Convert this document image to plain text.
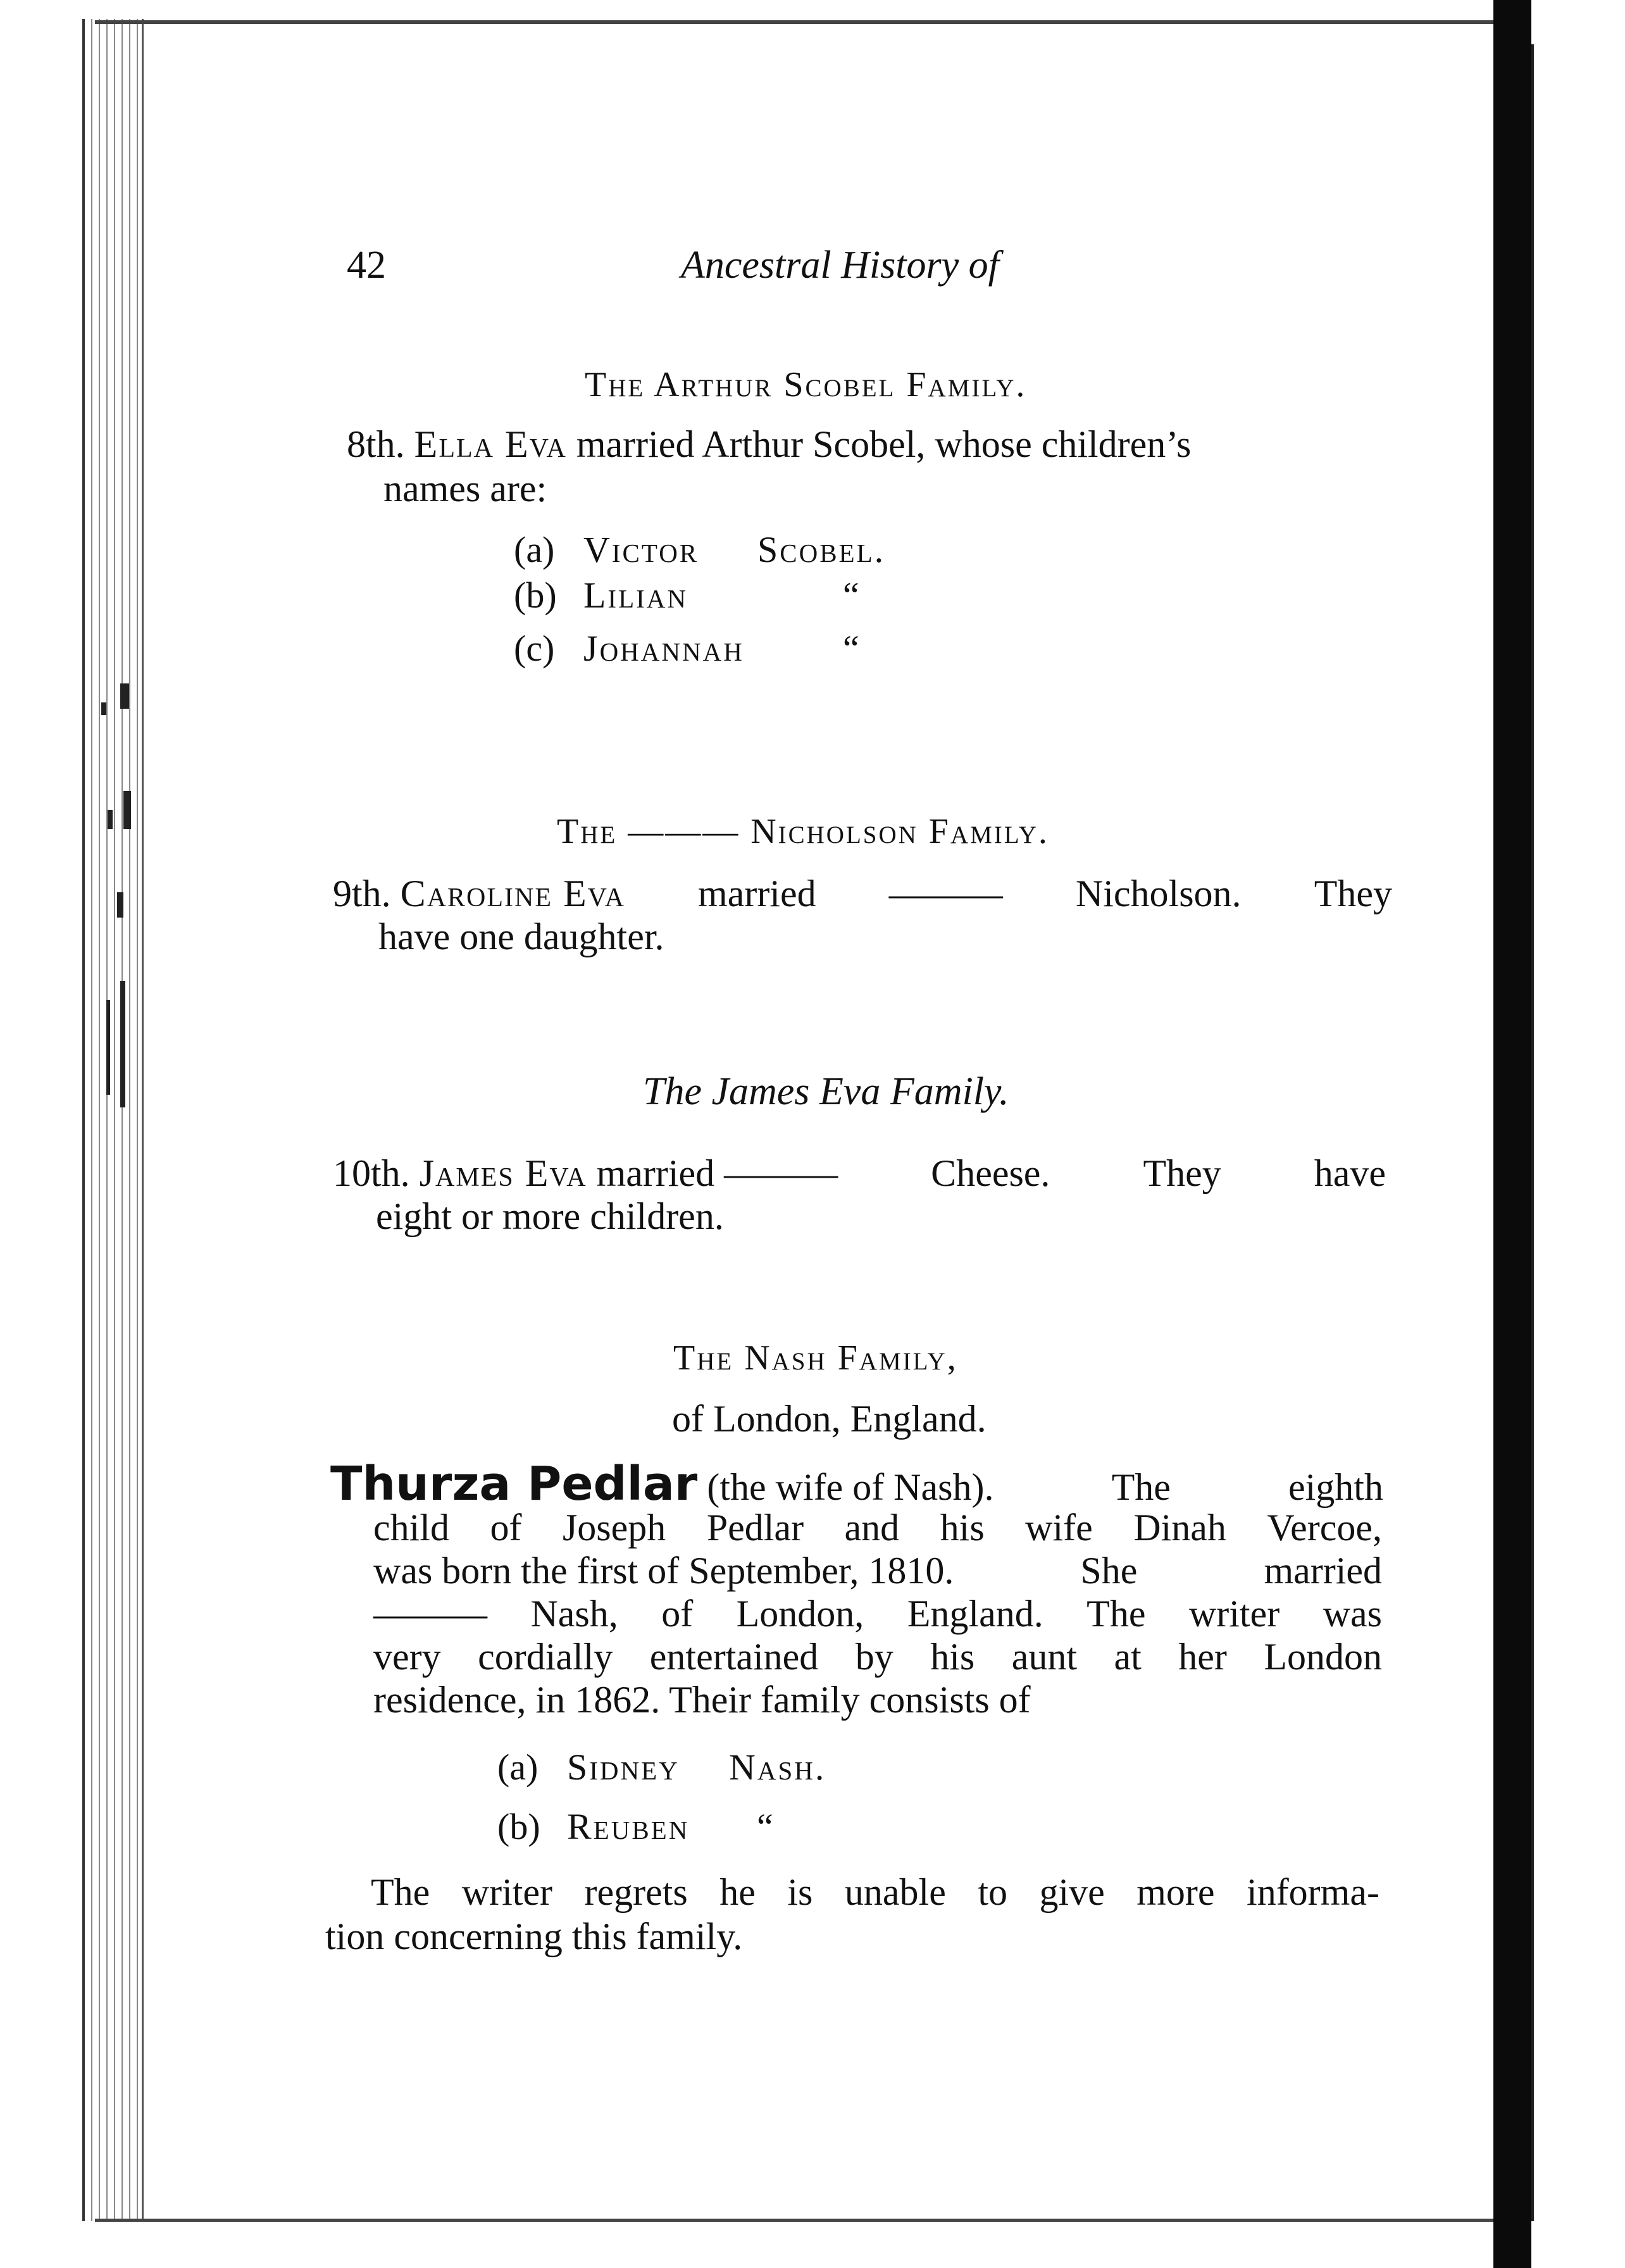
42	Ancestral History of
The Arthur Scobel Family.
8th. Ella Eva married Arthur Scobel, whose children’s
names are:
(a) Victor Scobel.
(b) Lilian	“
(c) Johannah	“
The ——— Nicholson Family.
9th. Caroline Eva married ——— Nicholson. They
have one daughter.
The James Eva Family.
10th. James Eva married ——— Cheese. They have
eight or more children.
The Nash Family,
of London, England.
Thurza Pedlar (the wife of Nash).	The	eighth
child of Joseph Pedlar and his wife Dinah Vercoe,
was born the first of September, 1810.	She	married
——— Nash, of London, England. The writer was
very cordially entertained by his aunt at her London
residence, in 1862. Their family consists of
(a) Sidney Nash.
(b) Reuben “
The writer regrets he is unable to give more informa-
tion concerning this family.
